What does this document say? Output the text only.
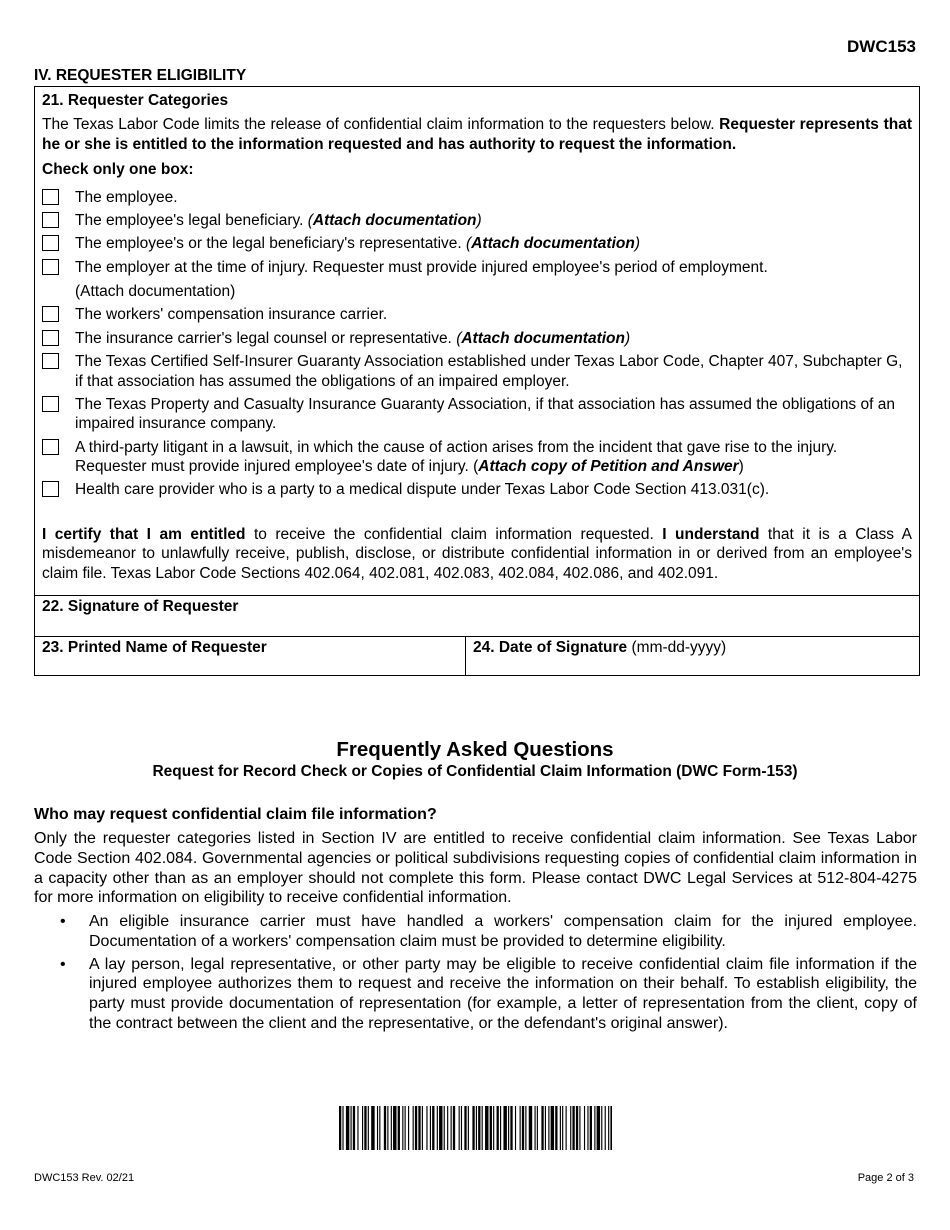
DWC153
IV. REQUESTER ELIGIBILITY
21. Requester Categories
The Texas Labor Code limits the release of confidential claim information to the requesters below. Requester represents that he or she is entitled to the information requested and has authority to request the information.
Check only one box:
The employee.
The employee's legal beneficiary. (Attach documentation)
The employee's or the legal beneficiary's representative. (Attach documentation)
The employer at the time of injury. Requester must provide injured employee's period of employment.
(Attach documentation)
The workers' compensation insurance carrier.
The insurance carrier's legal counsel or representative. (Attach documentation)
The Texas Certified Self-Insurer Guaranty Association established under Texas Labor Code, Chapter 407, Subchapter G, if that association has assumed the obligations of an impaired employer.
The Texas Property and Casualty Insurance Guaranty Association, if that association has assumed the obligations of an impaired insurance company.
A third-party litigant in a lawsuit, in which the cause of action arises from the incident that gave rise to the injury. Requester must provide injured employee's date of injury. (Attach copy of Petition and Answer)
Health care provider who is a party to a medical dispute under Texas Labor Code Section 413.031(c).
I certify that I am entitled to receive the confidential claim information requested. I understand that it is a Class A misdemeanor to unlawfully receive, publish, disclose, or distribute confidential information in or derived from an employee's claim file. Texas Labor Code Sections 402.064, 402.081, 402.083, 402.084, 402.086, and 402.091.
22. Signature of Requester
23. Printed Name of Requester	24. Date of Signature (mm-dd-yyyy)
Frequently Asked Questions
Request for Record Check or Copies of Confidential Claim Information (DWC Form-153)
Who may request confidential claim file information?
Only the requester categories listed in Section IV are entitled to receive confidential claim information. See Texas Labor Code Section 402.084. Governmental agencies or political subdivisions requesting copies of confidential claim information in a capacity other than as an employer should not complete this form. Please contact DWC Legal Services at 512-804-4275 for more information on eligibility to receive confidential information.
•	An eligible insurance carrier must have handled a workers' compensation claim for the injured employee. Documentation of a workers' compensation claim must be provided to determine eligibility.
•	A lay person, legal representative, or other party may be eligible to receive confidential claim file information if the injured employee authorizes them to request and receive the information on their behalf. To establish eligibility, the party must provide documentation of representation (for example, a letter of representation from the client, copy of the contract between the client and the representative, or the defendant's original answer).
DWC153 Rev. 02/21	Page 2 of 3
